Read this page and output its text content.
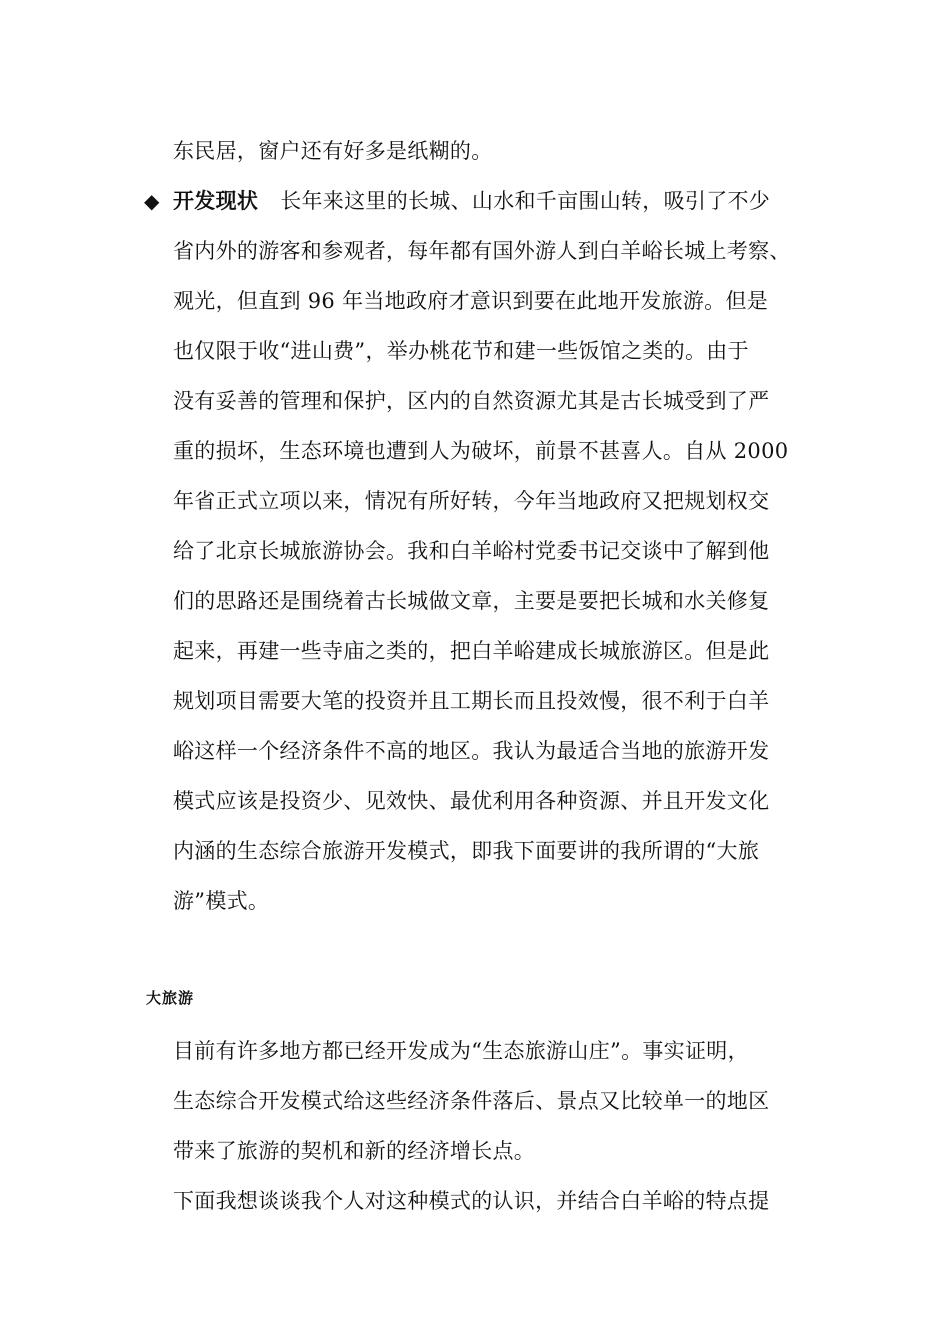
东民居，窗户还有好多是纸糊的。
◆ 开发现状 长年来这里的长城、山水和千亩围山转，吸引了不少
省内外的游客和参观者，每年都有国外游人到白羊峪长城上考察、
观光，但直到 96 年当地政府才意识到要在此地开发旅游。但是
也仅限于收“进山费”，举办桃花节和建一些饭馆之类的。由于
没有妥善的管理和保护，区内的自然资源尤其是古长城受到了严
重的损坏，生态环境也遭到人为破坏，前景不甚喜人。自从 2000
年省正式立项以来，情况有所好转，今年当地政府又把规划权交
给了北京长城旅游协会。我和白羊峪村党委书记交谈中了解到他
们的思路还是围绕着古长城做文章，主要是要把长城和水关修复
起来，再建一些寺庙之类的，把白羊峪建成长城旅游区。但是此
规划项目需要大笔的投资并且工期长而且投效慢，很不利于白羊
峪这样一个经济条件不高的地区。我认为最适合当地的旅游开发
模式应该是投资少、见效快、最优利用各种资源、并且开发文化
内涵的生态综合旅游开发模式，即我下面要讲的我所谓的“大旅
游”模式。
大旅游
目前有许多地方都已经开发成为“生态旅游山庄”。事实证明，
生态综合开发模式给这些经济条件落后、景点又比较单一的地区
带来了旅游的契机和新的经济增长点。
下面我想谈谈我个人对这种模式的认识，并结合白羊峪的特点提
